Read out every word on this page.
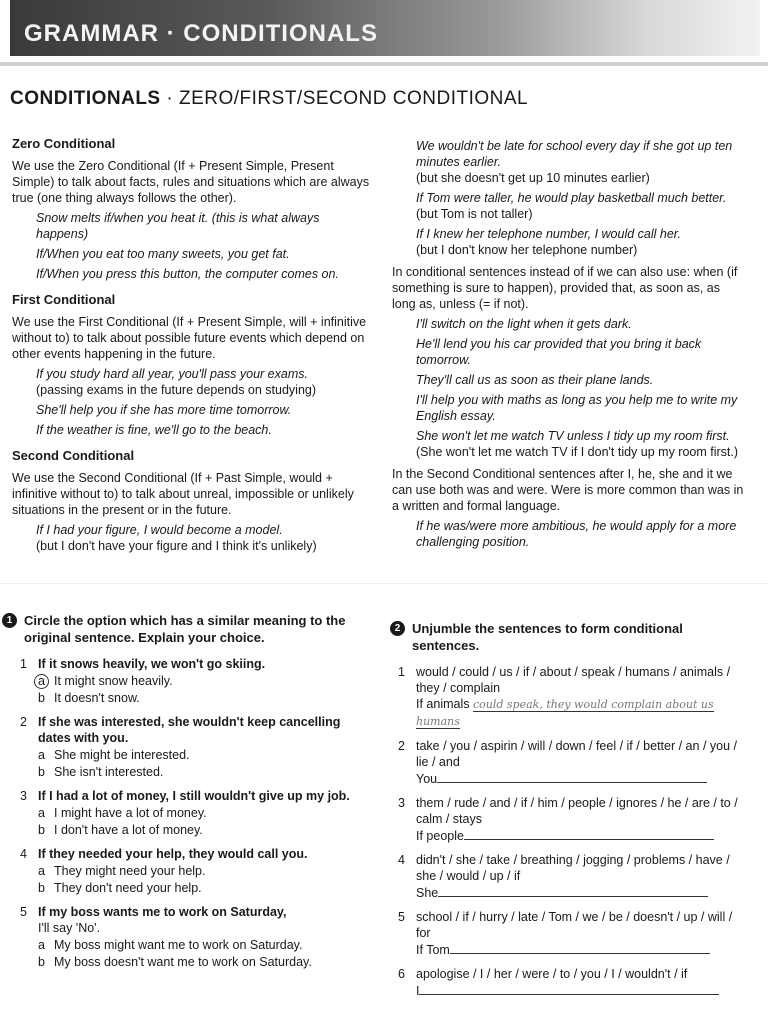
GRAMMAR · CONDITIONALS
CONDITIONALS · ZERO/FIRST/SECOND CONDITIONAL
Zero Conditional

We use the Zero Conditional (If + Present Simple, Present Simple) to talk about facts, rules and situations which are always true (one thing always follows the other).

Snow melts if/when you heat it. (this is what always happens)

If/When you eat too many sweets, you get fat.

If/When you press this button, the computer comes on.

First Conditional

We use the First Conditional (If + Present Simple, will + infinitive without to) to talk about possible future events which depend on other events happening in the future.

If you study hard all year, you'll pass your exams.

(passing exams in the future depends on studying)

She'll help you if she has more time tomorrow.

If the weather is fine, we'll go to the beach.

Second Conditional

We use the Second Conditional (If + Past Simple, would + infinitive without to) to talk about unreal, impossible or unlikely situations in the present or in the future.

If I had your figure, I would become a model.

(but I don't have your figure and I think it's unlikely)

We wouldn't be late for school every day if she got up ten minutes earlier.

(but she doesn't get up 10 minutes earlier)

If Tom were taller, he would play basketball much better.

(but Tom is not taller)

If I knew her telephone number, I would call her.

(but I don't know her telephone number)

In conditional sentences instead of if we can also use: when (if something is sure to happen), provided that, as soon as, as long as, unless (= if not).

I'll switch on the light when it gets dark.

He'll lend you his car provided that you bring it back tomorrow.

They'll call us as soon as their plane lands.

I'll help you with maths as long as you help me to write my English essay.

She won't let me watch TV unless I tidy up my room first.

(She won't let me watch TV if I don't tidy up my room first.)

In the Second Conditional sentences after I, he, she and it we can use both was and were. Were is more common than was in a written and formal language.

If he was/were more ambitious, he would apply for a more challenging position.

1 Circle the option which has a similar meaning to the original sentence. Explain your choice.
1 If it snows heavily, we won't go skiing.
a It might snow heavily.
b It doesn't snow.
2 If she was interested, she wouldn't keep cancelling dates with you.
a She might be interested.
b She isn't interested.
3 If I had a lot of money, I still wouldn't give up my job.
a I might have a lot of money.
b I don't have a lot of money.
4 If they needed your help, they would call you.
a They might need your help.
b They don't need your help.
5 If my boss wants me to work on Saturday,
I'll say 'No'.
a My boss might want me to work on Saturday.
b My boss doesn't want me to work on Saturday.
2 Unjumble the sentences to form conditional sentences.
1 would / could / us / if / about / speak / humans / animals / they / complain
If animals could speak, they would complain about us humans
2 take / you / aspirin / will / down / feel / if / better / an / you / lie / and
You
3 them / rude / and / if / him / people / ignores / he / are / to / calm / stays
If people
4 didn't / she / take / breathing / jogging / problems / have / she / would / up / if
She
5 school / if / hurry / late / Tom / we / be / doesn't / up / will / for
If Tom
6 apologise / I / her / were / to / you / I / wouldn't / if
I
